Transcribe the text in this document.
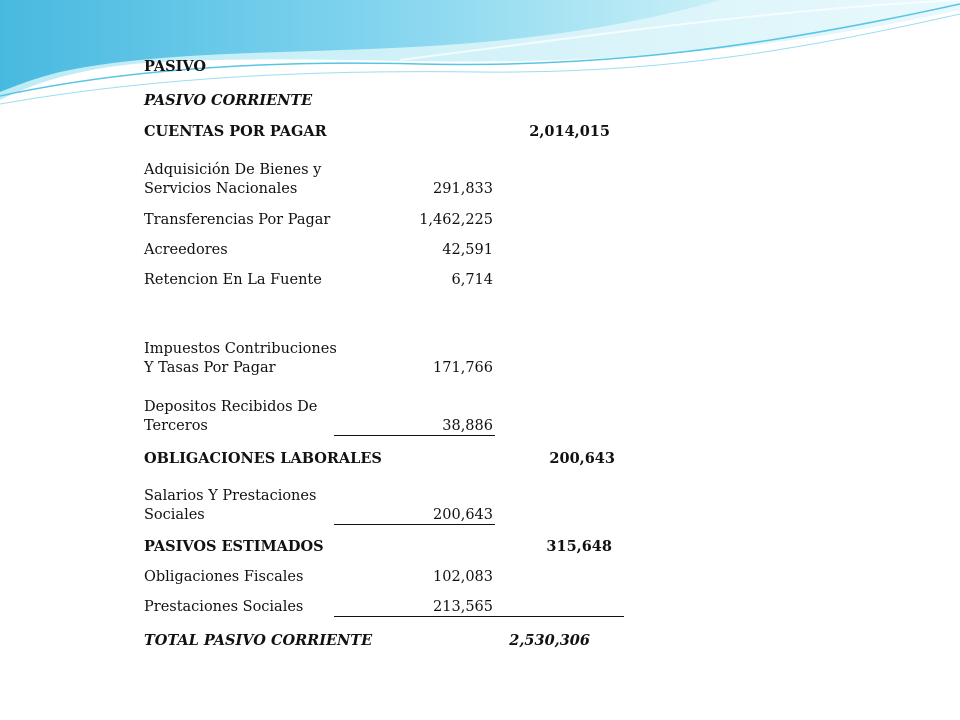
PASIVO
PASIVO CORRIENTE
CUENTAS POR PAGAR	2,014,015
Adquisición De Bienes y
Servicios Nacionales	291,833
Transferencias Por Pagar	1,462,225
Acreedores	42,591
Retencion En La Fuente	6,714
Impuestos Contribuciones
Y Tasas Por Pagar	171,766
Depositos Recibidos De
Terceros	38,886
OBLIGACIONES LABORALES	200,643
Salarios Y Prestaciones
Sociales	200,643
PASIVOS ESTIMADOS	315,648
Obligaciones Fiscales	102,083
Prestaciones Sociales	213,565
TOTAL PASIVO CORRIENTE	2,530,306
